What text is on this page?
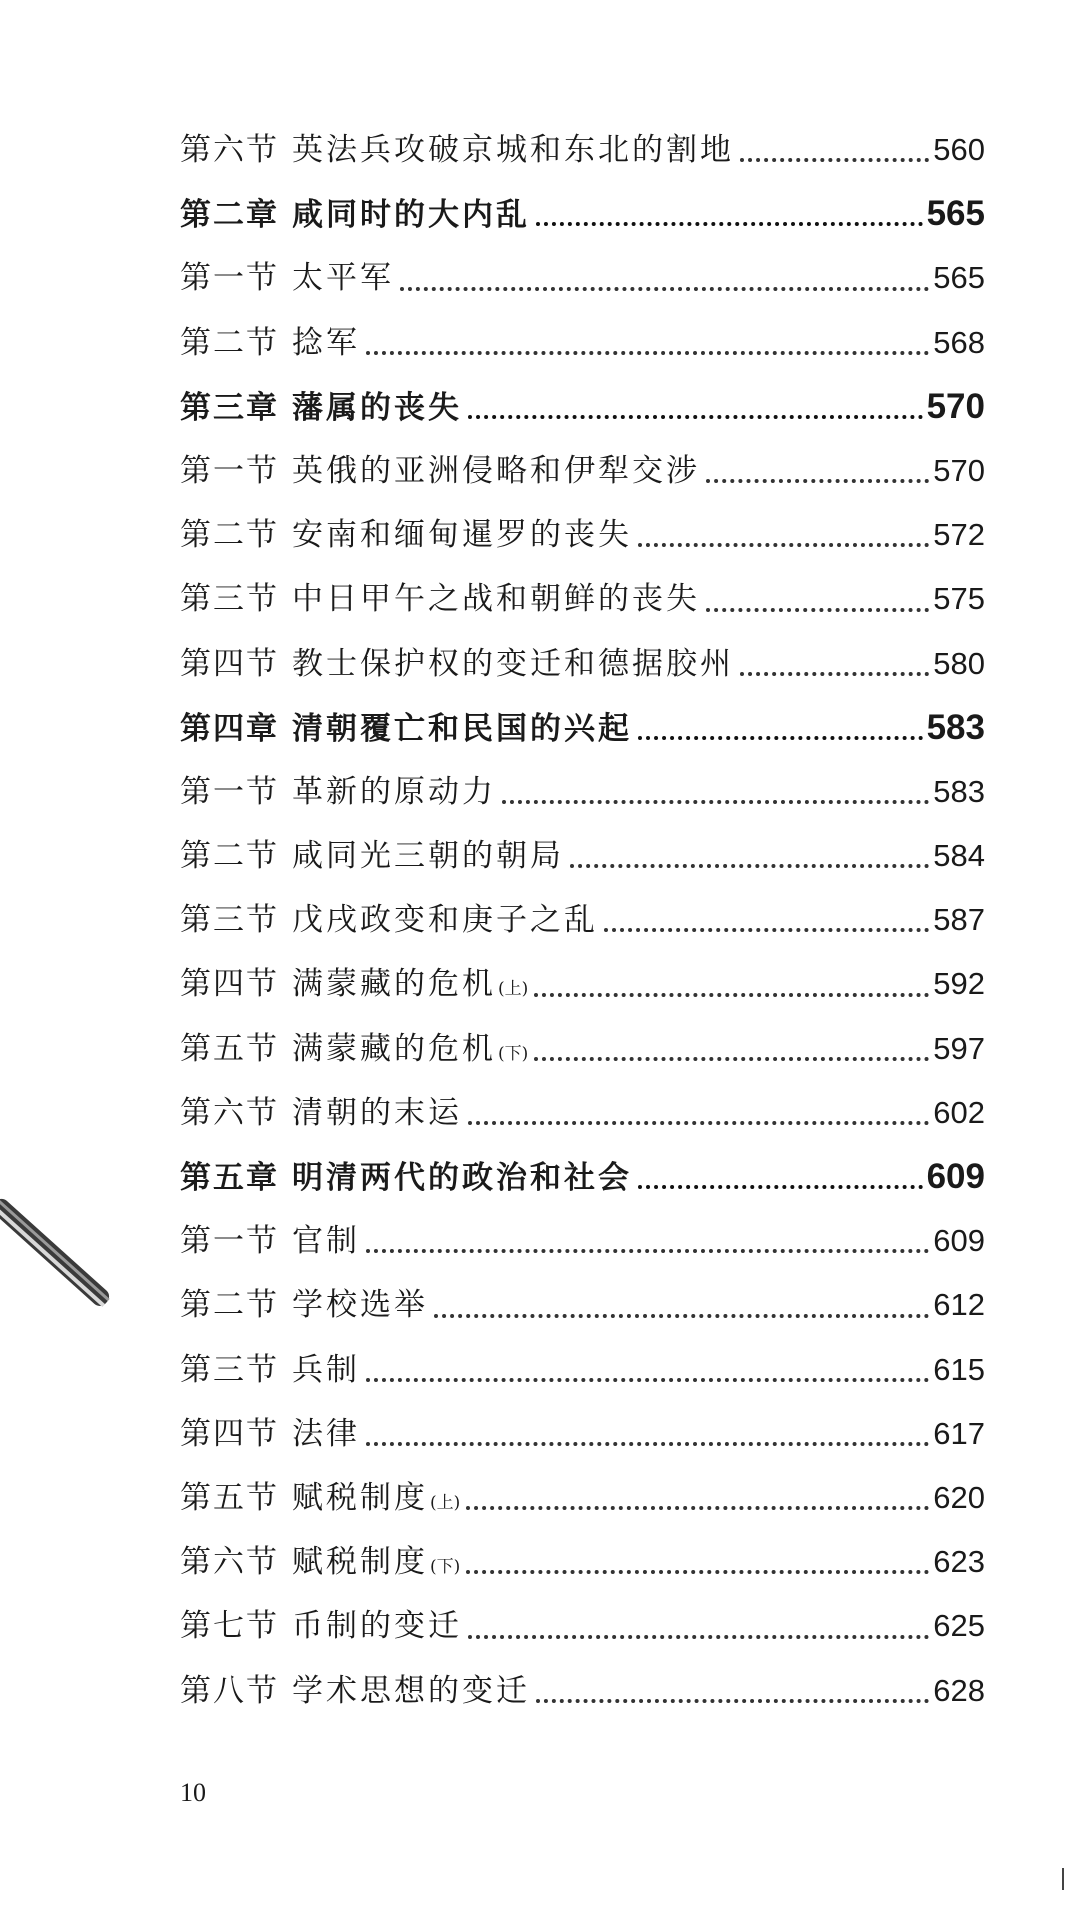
第六节 英法兵攻破京城和东北的割地	560
第二章 咸同时的大内乱	565
第一节 太平军	565
第二节 捻军	568
第三章 藩属的丧失	570
第一节 英俄的亚洲侵略和伊犁交涉	570
第二节 安南和缅甸暹罗的丧失	572
第三节 中日甲午之战和朝鲜的丧失	575
第四节 教士保护权的变迁和德据胶州	580
第四章 清朝覆亡和民国的兴起	583
第一节 革新的原动力	583
第二节 咸同光三朝的朝局	584
第三节 戊戌政变和庚子之乱	587
第四节 满蒙藏的危机 (上)	592
第五节 满蒙藏的危机 (下)	597
第六节 清朝的末运	602
第五章 明清两代的政治和社会	609
第一节 官制	609
第二节 学校选举	612
第三节 兵制	615
第四节 法律	617
第五节 赋税制度 (上)	620
第六节 赋税制度 (下)	623
第七节 币制的变迁	625
第八节 学术思想的变迁	628
10
